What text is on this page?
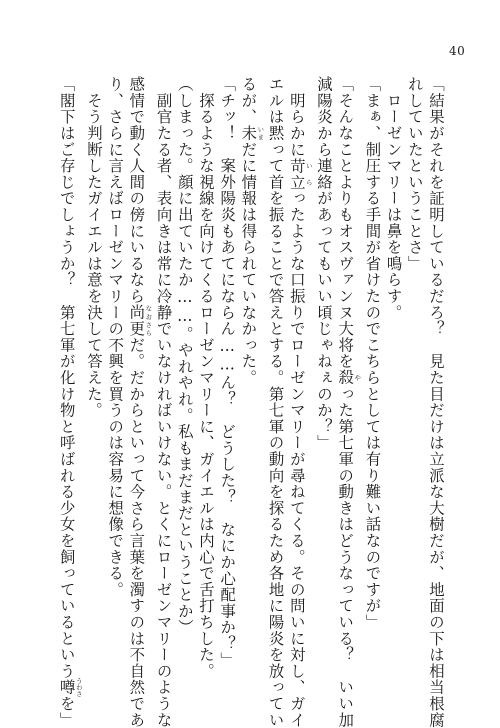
40
「結果がそれを証明しているだろ？　見た目だけは立派な大樹だが、地面の下は相当根腐
れしていたということさ」
　ローゼンマリーは鼻を鳴らす。
「まぁ、制圧する手間が省けたのでこちらとしては有り難い話なのですが」
「そんなことよりもオスヴァンヌ大将を殺 やった第七軍の動きはどうなっている？　いい加
減陽炎から連絡があってもいい頃じゃねぇのか？」
　明らかに苛立 いらったような口振りでローゼンマリーが尋ねてくる。その問いに対し、ガイ
エルは黙って首を振ることで答えとする。第七軍の動向を探るため各地に陽炎を放ってい
るが、未 いまだに情報は得られていなかった。
「チッ！　案外陽炎もあてにならん……ん？　どうした？　なにか心配事か？」
　探るような視線を向けてくるローゼンマリーに、ガイエルは内心で舌打ちした。
（しまった。顔に出ていたか……。やれやれ。私もまだまだということか）
　副官たる者、表向きは常に冷静でいなければいけない。とくにローゼンマリーのような
感情で動く人間の傍にいるなら尚更 なおさらだ。だからといって今さら言葉を濁すのは不自然であ
り、さらに言えばローゼンマリーの不興を買うのは容易に想像できる。
　そう判断したガイエルは意を決して答えた。
「閣下はご存じでしょうか？　第七軍が化け物と呼ばれる少女を飼っているという噂 うわさを」
